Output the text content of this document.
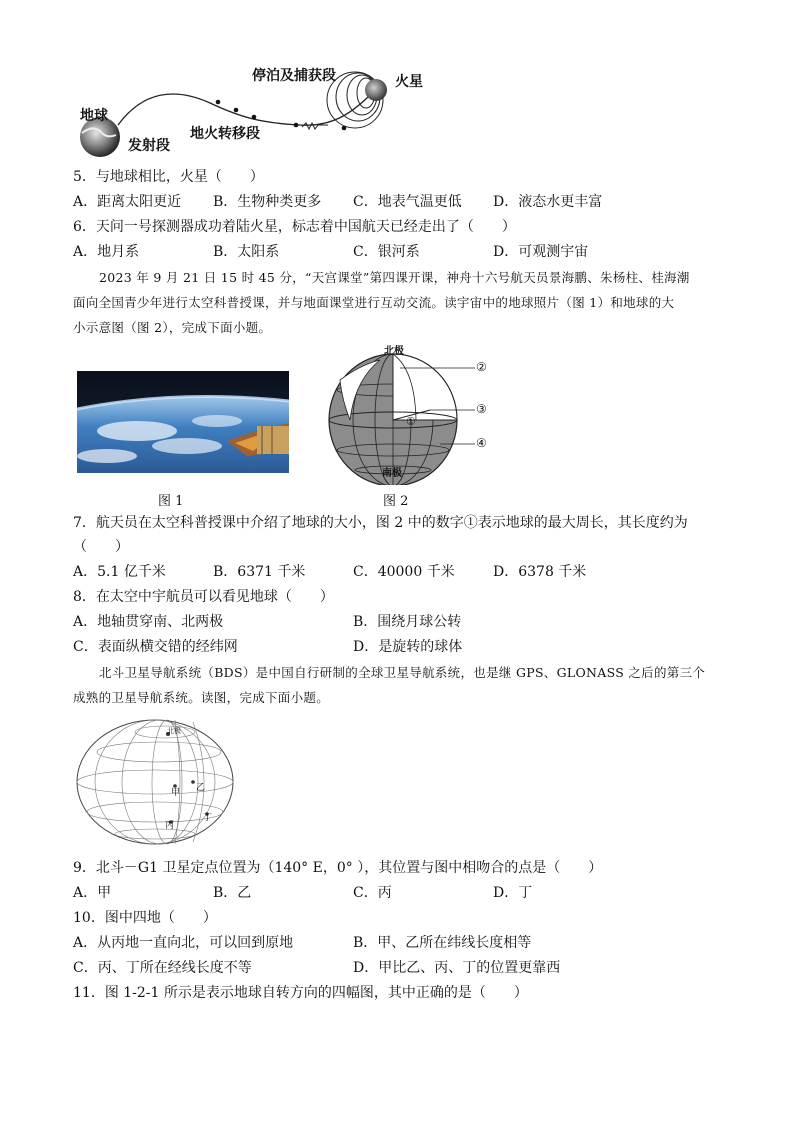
地球
发射段
地火转移段
停泊及捕获段	火星
5．与地球相比，火星（　　）
A．距离太阳更近 B．生物种类更多 C．地表气温更低 D．液态水更丰富
6．天问一号探测器成功着陆火星，标志着中国航天已经走出了（　　）
A．地月系	B．太阳系	C．银河系	D．可观测宇宙
2023 年 9 月 21 日 15 时 45 分，“天宫课堂”第四课开课，神舟十六号航天员景海鹏、朱杨柱、桂海潮
面向全国青少年进行太空科普授课，并与地面课堂进行互动交流。读宇宙中的地球照片（图 1）和地球的大
小示意图（图 2），完成下面小题。
图 1
北极
南极
①
②
③
④
图 2
7．航天员在太空科普授课中介绍了地球的大小，图 2 中的数字①表示地球的最大周长，其长度约为
（　　）
A．5.1 亿千米	B．6371 千米	C．40000 千米	D．6378 千米
8．在太空中宇航员可以看见地球（　　）
A．地轴贯穿南、北两极	B．围绕月球公转
C．表面纵横交错的经纬网	D．是旋转的球体
北斗卫星导航系统（BDS）是中国自行研制的全球卫星导航系统，也是继 GPS、GLONASS 之后的第三个
成熟的卫星导航系统。读图，完成下面小题。
北极
甲 乙
丙
丁
9．北斗－G1 卫星定点位置为（140° E，0° ），其位置与图中相吻合的点是（　　）
A．甲	B．乙	C．丙	D．丁
10．图中四地（　　）
A．从丙地一直向北，可以回到原地	B．甲、乙所在纬线长度相等
C．丙、丁所在经线长度不等	D．甲比乙、丙、丁的位置更靠西
11．图 1-2-1 所示是表示地球自转方向的四幅图，其中正确的是（　　）
